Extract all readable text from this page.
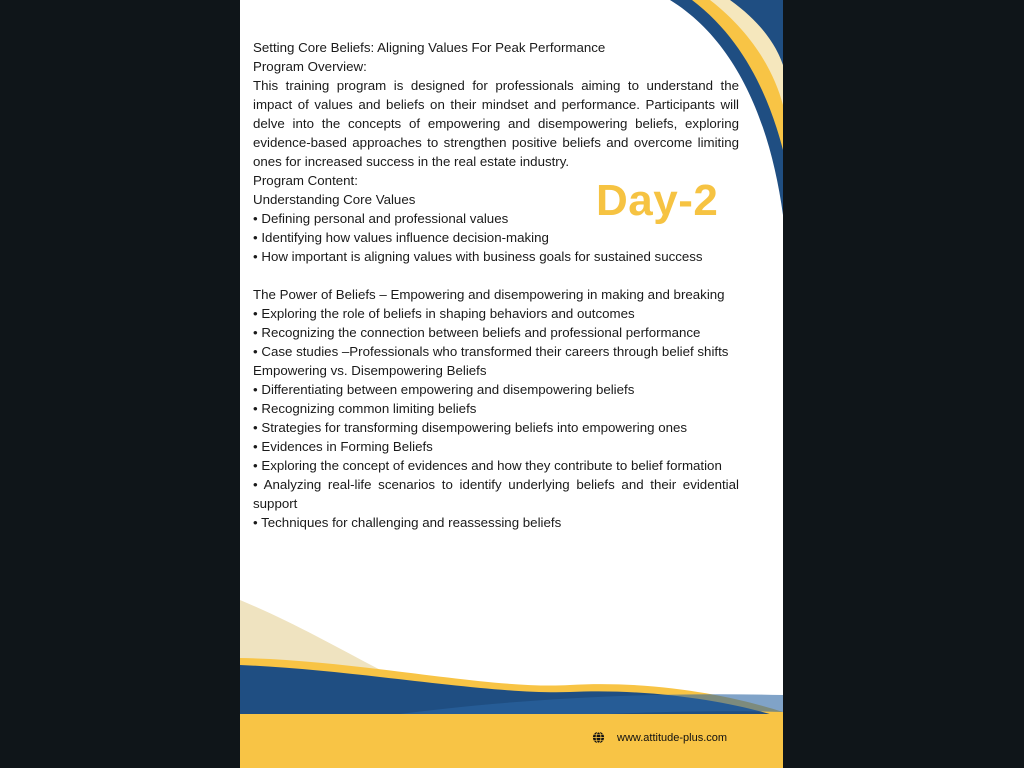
Day-2
Setting Core Beliefs: Aligning Values For Peak Performance
Program Overview:
This training program is designed for professionals aiming to understand the impact of values and beliefs on their mindset and performance. Participants will delve into the concepts of empowering and disempowering beliefs, exploring evidence-based approaches to strengthen positive beliefs and overcome limiting ones for increased success in the real estate industry.
Program Content:
Understanding Core Values
• Defining personal and professional values
• Identifying how values influence decision-making
• How important is aligning values with business goals for sustained success
The Power of Beliefs – Empowering and disempowering in making and breaking
• Exploring the role of beliefs in shaping behaviors and outcomes
• Recognizing the connection between beliefs and professional performance
• Case studies –Professionals who transformed their careers through belief shifts
Empowering vs. Disempowering Beliefs
• Differentiating between empowering and disempowering beliefs
• Recognizing common limiting beliefs
• Strategies for transforming disempowering beliefs into empowering ones
• Evidences in Forming Beliefs
• Exploring the concept of evidences and how they contribute to belief formation
• Analyzing real-life scenarios to identify underlying beliefs and their evidential support
• Techniques for challenging and reassessing beliefs
www.attitude-plus.com
